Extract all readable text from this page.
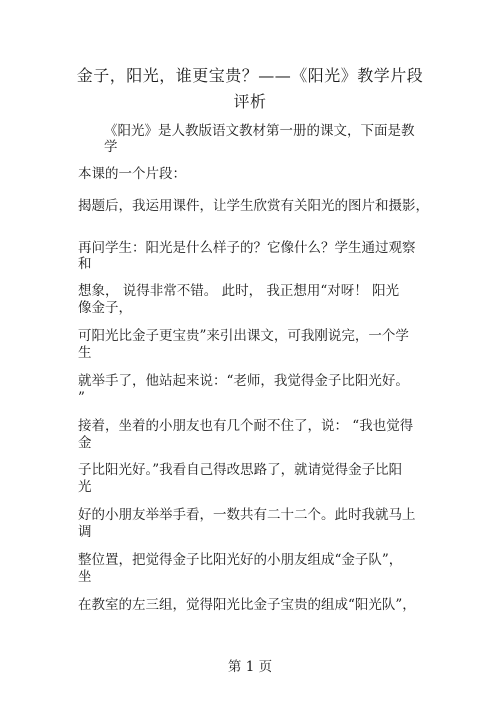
金子，阳光，谁更宝贵？——《阳光》教学片段
评析
《阳光》是人教版语文教材第一册的课文，下面是教
学
本课的一个片段：
揭题后，我运用课件，让学生欣赏有关阳光的图片和摄影，
再问学生：阳光是什么样子的？它像什么？学生通过观察
和
想象， 说得非常不错。 此时， 我正想用“对呀！ 阳光
像金子，
可阳光比金子更宝贵”来引出课文，可我刚说完，一个学
生
就举手了，他站起来说：“老师，我觉得金子比阳光好。
”
接着，坐着的小朋友也有几个耐不住了，说： “我也觉得
金
子比阳光好。”我看自己得改思路了，就请觉得金子比阳
光
好的小朋友举举手看，一数共有二十二个。此时我就马上
调
整位置，把觉得金子比阳光好的小朋友组成“金子队”，
坐
在教室的左三组，觉得阳光比金子宝贵的组成“阳光队”，
第 1 页
